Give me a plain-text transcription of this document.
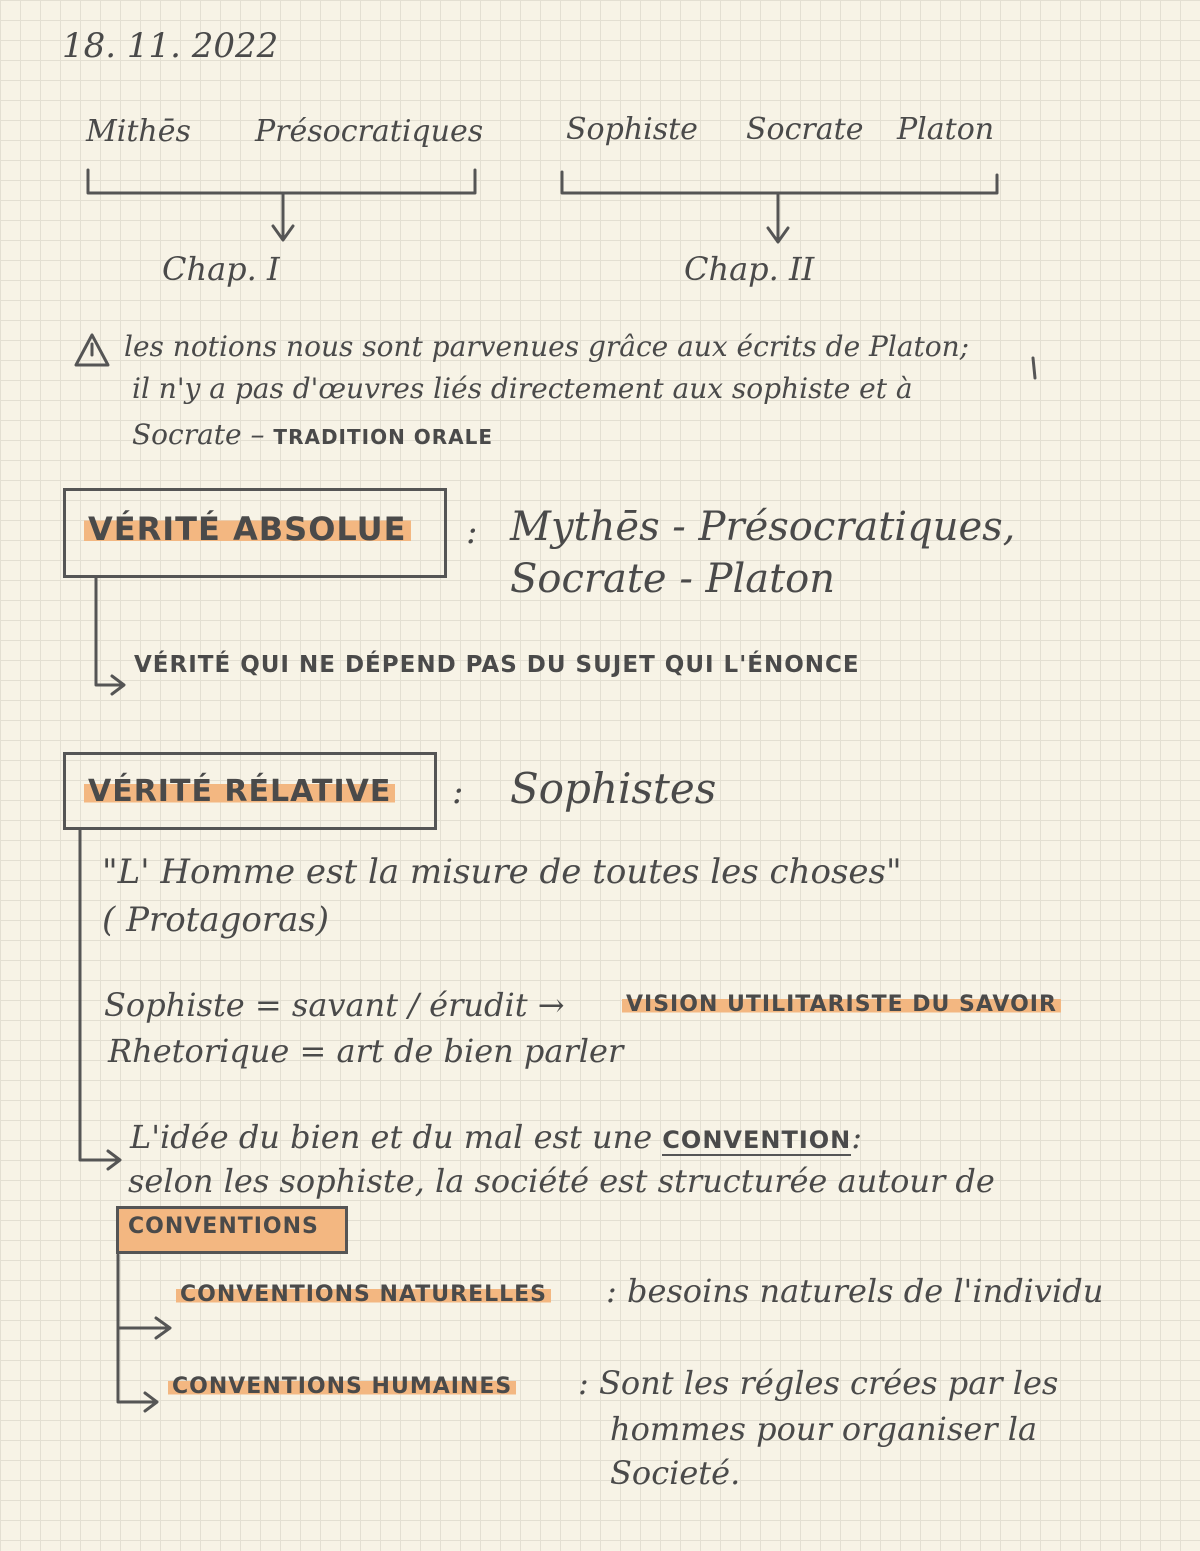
18. 11. 2022
Mithēs Présocratiques
Chap. I
Sophiste Socrate Platon
Chap. II
les notions nous sont parvenues grâce aux écrits de Platon;
il n'y a pas d'œuvres liés directement aux sophiste et à
Socrate – TRADITION ORALE
VÉRITÉ ABSOLUE : Mythēs - Présocratiques,
Socrate - Platon
VÉRITÉ QUI NE DÉPEND PAS DU SUJET QUI L'ÉNONCE
VÉRITÉ RÉLATIVE : Sophistes
"L' Homme est la misure de toutes les choses"
( Protagoras)
Sophiste = savant / érudit →	VISION UTILITARISTE DU SAVOIR
Rhetorique = art de bien parler
L'idée du bien et du mal est une CONVENTION:
selon les sophiste, la société est structurée autour de
CONVENTIONS
CONVENTIONS NATURELLES : besoins naturels de l'individu
CONVENTIONS HUMAINES : Sont les régles crées par les
hommes pour organiser la
Societé.
